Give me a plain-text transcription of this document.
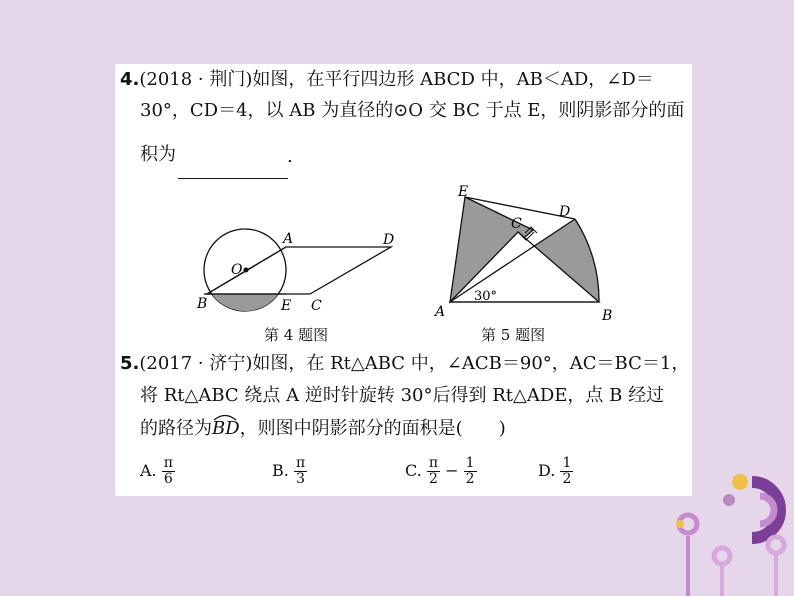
4.(2018 · 荆门)如图，在平行四边形 ABCD 中，AB＜AD，∠D＝
30°，CD＝4，以 AB 为直径的⊙O 交 BC 于点 E，则阴影部分的面
积为	.
B
A	D
C
E
O
第 4 题图
D
E
C
A	B
30°
第 5 题图
5.(2017 · 济宁)如图，在 Rt△ABC 中，∠ACB＝90°，AC＝BC＝1，
将 Rt△ABC 绕点 A 逆时针旋转 30°后得到 Rt△ADE，点 B 经过
的路径为
BD，则图中阴影部分的面积是(　　)
A. $\frac{\pi}{6}$	B. $\frac{\pi}{3}$	C. $\frac{\pi}{2} - \frac{1}{2}$	D. $\frac{1}{2}$
